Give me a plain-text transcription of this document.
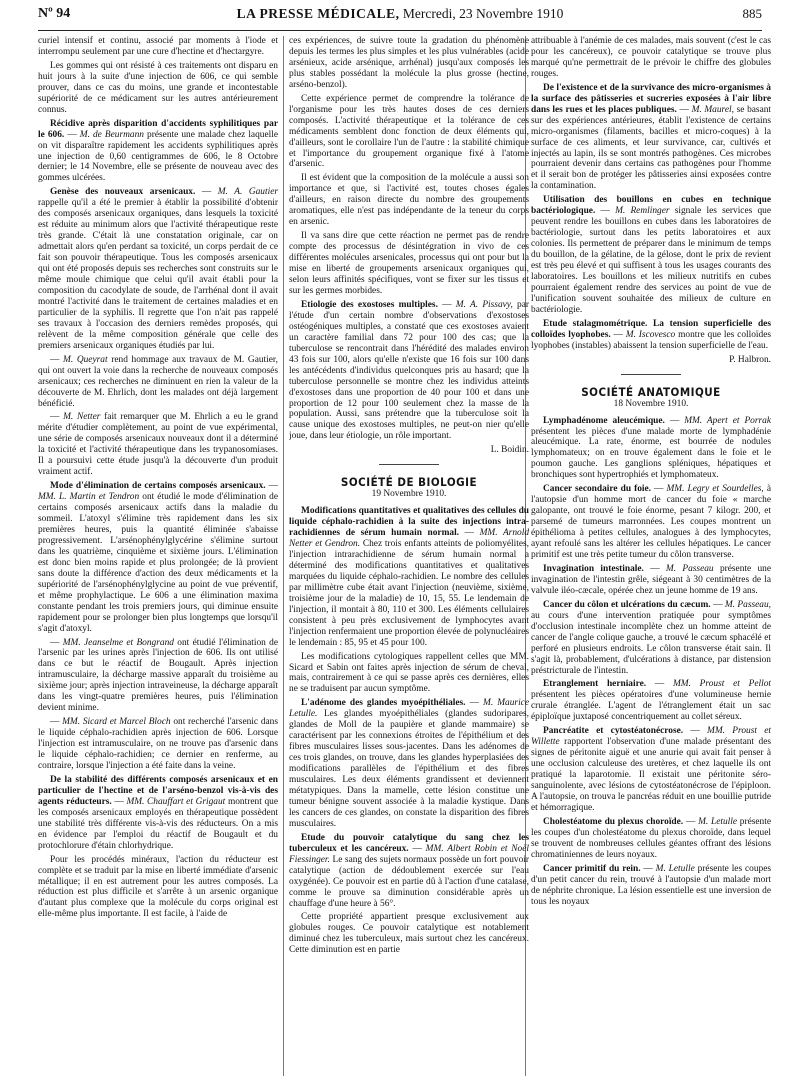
Nº 94	LA PRESSE MÉDICALE, Mercredi, 23 Novembre 1910	885

curiel intensif et continu, associé par moments à l'iode et interrompu seulement par une cure d'hectine et d'hectargyre.

Les gommes qui ont résisté à ces traitements ont disparu en huit jours à la suite d'une injection de 606, ce qui semble prouver, dans ce cas du moins, une grande et incontestable supériorité de ce médicament sur les autres antérieurement connus.

Récidive après disparition d'accidents syphilitiques par le 606. — M. de Beurmann présente une malade chez laquelle on vit disparaître rapidement les accidents syphilitiques après une injection de 0,60 centigrammes de 606, le 8 Octobre dernier; le 14 Novembre, elle se présente de nouveau avec des gommes ulcérées.

Genèse des nouveaux arsenicaux. — M. A. Gautier rappelle qu'il a été le premier à établir la possibilité d'obtenir des composés arsenicaux organiques, dans lesquels la toxicité est réduite au minimum alors que l'activité thérapeutique reste très grande. C'était là une constatation originale, car on admettait alors qu'en perdant sa toxicité, un corps perdait de ce fait son pouvoir thérapeutique. Tous les composés arsenicaux qui ont été proposés depuis ses recherches sont construits sur le même moule chimique que celui qu'il avait établi pour la composition du cacodylate de soude, de l'arrhénal dont il avait montré l'activité dans le traitement de certaines maladies et en particulier de la syphilis. Il regrette que l'on n'ait pas rappelé ses travaux à l'occasion des derniers remèdes proposés, qui relèvent de la même composition générale que celle des premiers arsenicaux organiques étudiés par lui.

— M. Queyrat rend hommage aux travaux de M. Gautier, qui ont ouvert la voie dans la recherche de nouveaux composés arsenicaux; ces recherches ne diminuent en rien la valeur de la découverte de M. Ehrlich, dont les malades ont déjà largement bénéficié.

— M. Netter fait remarquer que M. Ehrlich a eu le grand mérite d'étudier complètement, au point de vue expérimental, une série de composés arsenicaux nouveaux dont il a déterminé la toxicité et l'activité thérapeutique dans les trypanosomiases. Il a poursuivi cette étude jusqu'à la découverte d'un produit vraiment actif.

Mode d'élimination de certains composés arsenicaux. — MM. L. Martin et Tendron ont étudié le mode d'élimination de certains composés arsenicaux actifs dans la maladie du sommeil. L'atoxyl s'élimine très rapidement dans les six premières heures, puis la quantité éliminée s'abaisse progressivement. L'arsénophénylglycérine s'élimine surtout dans les quatrième, cinquième et sixième jours. L'élimination est donc bien moins rapide et plus prolongée; de là provient sans doute la différence d'action des deux médicaments et la supériorité de l'arsénophénylglycine au point de vue préventif, et même prophylactique. Le 606 a une élimination maxima constante pendant les trois premiers jours, qui diminue ensuite rapidement pour se prolonger bien plus longtemps que lorsqu'il s'agit d'atoxyl.

— MM. Jeanselme et Bongrand ont étudié l'élimination de l'arsenic par les urines après l'injection de 606. Ils ont utilisé dans ce but le réactif de Bougault. Après injection intramusculaire, la décharge massive apparaît du troisième au sixième jour; après injection intraveineuse, la décharge apparaît dans les vingt-quatre premières heures, puis l'élimination devient minime.

— MM. Sicard et Marcel Bloch ont recherché l'arsenic dans le liquide céphalo-rachidien après injection de 606. Lorsque l'injection est intramusculaire, on ne trouve pas d'arsenic dans le liquide céphalo-rachidien; ce dernier en renferme, au contraire, lorsque l'injection a été faite dans la veine.

De la stabilité des différents composés arsenicaux et en particulier de l'hectine et de l'arséno-benzol vis-à-vis des agents réducteurs. — MM. Chauffart et Grigaut montrent que les composés arsenicaux employés en thérapeutique possèdent une stabilité très différente vis-à-vis des réducteurs. On a mis en évidence par l'emploi du réactif de Bougault et du protochlorure d'étain chlorhydrique.

Pour les procédés minéraux, l'action du réducteur est complète et se traduit par la mise en liberté immédiate d'arsenic métallique; il en est autrement pour les autres composés. La réduction est plus difficile et s'arrête à un arsenic organique d'autant plus complexe que la molécule du corps original est elle-même plus importante. Il est facile, à l'aide de

ces expériences, de suivre toute la gradation du phénomène depuis les termes les plus simples et les plus vulnérables (acide arsénieux, acide arsénique, arrhénal) jusqu'aux composés les plus stables possédant la molécule la plus grosse (hectine, arséno-benzol).

Cette expérience permet de comprendre la tolérance de l'organisme pour les très hautes doses de ces derniers composés. L'activité thérapeutique et la tolérance de ces médicaments semblent donc fonction de deux éléments qui, d'ailleurs, sont le corollaire l'un de l'autre : la stabilité chimique et l'importance du groupement organique fixé à l'atome d'arsenic.

Il est évident que la composition de la molécule a aussi son importance et que, si l'activité est, toutes choses égales d'ailleurs, en raison directe du nombre des groupements aromatiques, elle n'est pas indépendante de la teneur du corps en arsenic.

Il va sans dire que cette réaction ne permet pas de rendre compte des processus de désintégration in vivo de ces différentes molécules arsenicales, processus qui ont pour but la mise en liberté de groupements arsenicaux organiques qui, selon leurs affinités spécifiques, vont se fixer sur les tissus et sur les germes morbides.

Etiologie des exostoses multiples. — M. A. Pissavy, par l'étude d'un certain nombre d'observations d'exostoses ostéogéniques multiples, a constaté que ces exostoses avaient un caractère familial dans 72 pour 100 des cas; que la tuberculose se rencontrait dans l'hérédité des malades environ 43 fois sur 100, alors qu'elle n'existe que 16 fois sur 100 dans les antécédents d'individus quelconques pris au hasard; que la tuberculose personnelle se montre chez les individus atteints d'exostoses dans une proportion de 40 pour 100 et dans une proportion de 12 pour 100 seulement chez la masse de la population. Aussi, sans prétendre que la tuberculose soit la cause unique des exostoses multiples, ne peut-on nier qu'elle joue, dans leur étiologie, un rôle important.

L. Boidin.

SOCIÉTÉ DE BIOLOGIE

19 Novembre 1910.

Modifications quantitatives et qualitatives des cellules du liquide céphalo-rachidien à la suite des injections intra-rachidiennes de sérum humain normal. — MM. Arnold Netter et Gendron. Chez trois enfants atteints de poliomyélites, l'injection intrarachidienne de sérum humain normal a déterminé des modifications quantitatives et qualitatives marquées du liquide céphalo-rachidien. Le nombre des cellules par millimètre cube était avant l'injection (neuvième, sixième, troisième jour de la maladie) de 10, 15, 55. Le lendemain de l'injection, il montait à 80, 110 et 300. Les éléments cellulaires consistent à peu près exclusivement de lymphocytes avant l'injection renfermaient une proportion élevée de polynucléaires le lendemain : 85, 95 et 45 pour 100.

Les modifications cytologiques rappellent celles que MM. Sicard et Sabin ont faites après injection de sérum de cheval, mais, contrairement à ce qui se passe après ces dernières, elles ne se traduisent par aucun symptôme.

L'adénome des glandes myoépithéliales. — M. Maurice Letulle. Les glandes myoépithéliales (glandes sudoripares, glandes de Moll de la paupière et glande mammaire) se caractérisent par les connexions étroites de l'épithélium et des fibres musculaires lisses sous-jacentes. Dans les adénomes de ces trois glandes, on trouve, dans les glandes hyperplasiées des modifications parallèles de l'épithélium et des fibres musculaires. Les deux éléments grandissent et deviennent métatypiques. Dans la mamelle, cette lésion constitue une tumeur bénigne souvent associée à la maladie kystique. Dans les cancers de ces glandes, on constate la disparition des fibres musculaires.

Etude du pouvoir catalytique du sang chez les tuberculeux et les cancéreux. — MM. Albert Robin et Noël Fiessinger. Le sang des sujets normaux possède un fort pouvoir catalytique (action de dédoublement exercée sur l'eau oxygénée). Ce pouvoir est en partie dû à l'action d'une catalase, comme le prouve sa diminution considérable après un chauffage d'une heure à 56°.

Cette propriété appartient presque exclusivement aux globules rouges. Ce pouvoir catalytique est notablement diminué chez les tuberculeux, mais surtout chez les cancéreux. Cette diminution est en partie

attribuable à l'anémie de ces malades, mais souvent (c'est le cas pour les cancéreux), ce pouvoir catalytique se trouve plus marqué qu'ne permettrait de le prévoir le chiffre des globules rouges.

De l'existence et de la survivance des micro-organismes à la surface des pâtisseries et sucreries exposées à l'air libre dans les rues et les places publiques. — M. Maurel, se basant sur des expériences antérieures, établit l'existence de certains micro-organismes (filaments, bacilles et micro-coques) à la surface de ces aliments, et leur survivance, car, cultivés et injectés au lapin, ils se sont montrés pathogènes. Ces microbes pourraient devenir dans certains cas pathogènes pour l'homme et il serait bon de protéger les pâtisseries ainsi exposées contre la contamination.

Utilisation des bouillons en cubes en technique bactériologique. — M. Remlinger signale les services que peuvent rendre les bouillons en cubes dans les laboratoires de bactériologie, surtout dans les petits laboratoires et aux colonies. Ils permettent de préparer dans le minimum de temps du bouillon, de la gélatine, de la gélose, dont le prix de revient est très peu élevé et qui suffisent à tous les usages courants des laboratoires. Les bouillons et les milieux nutritifs en cubes pourraient également rendre des services au point de vue de l'unification souvent souhaitée des milieux de culture en bactériologie.

Etude stalagmométrique. La tension superficielle des colloïdes lyophobes. — M. Iscovesco montre que les colloïdes lyophobes (instables) abaissent la tension superficielle de l'eau.

P. Halbron.

SOCIÉTÉ ANATOMIQUE

18 Novembre 1910.

Lymphadénome aleucémique. — MM. Apert et Porrak présentent les pièces d'une malade morte de lymphadénie aleucémique. La rate, énorme, est bourrée de nodules lymphomateux; on en trouve également dans le foie et le poumon gauche. Les ganglions spléniques, hépatiques et bronchiques sont hypertrophiés et lymphomateux.

Cancer secondaire du foie. — MM. Legry et Sourdelles, à l'autopsie d'un homme mort de cancer du foie « marche galopante, ont trouvé le foie énorme, pesant 7 kilogr. 200, et parsemé de tumeurs marronnées. Les coupes montrent un épithélioma à petites cellules, analogues à des lymphocytes, ayant refoulé sans les altérer les cellules hépatiques. Le cancer primitif est une très petite tumeur du côlon transverse.

Invagination intestinale. — M. Passeau présente une invagination de l'intestin grêle, siégeant à 30 centimètres de la valvule iléo-cæcale, opérée chez un jeune homme de 19 ans.

Cancer du côlon et ulcérations du cæcum. — M. Passeau, au cours d'une intervention pratiquée pour symptômes d'occlusion intestinale incomplète chez un homme atteint de cancer de l'angle colique gauche, a trouvé le cæcum sphacélé et perforé en plusieurs endroits. Le côlon transverse était sain. Il s'agit là, probablement, d'ulcérations à distance, par distension préstricturale de l'intestin.

Etranglement herniaire. — MM. Proust et Pellot présentent les pièces opératoires d'une volumineuse hernie crurale étranglée. L'agent de l'étranglement était un sac épiploïque juxtaposé concentriquement au collet séreux.

Pancréatite et cytostéatonécrose. — MM. Proust et Willette rapportent l'observation d'une malade présentant des signes de péritonite aiguë et une anurie qui avait fait penser à une occlusion calculeuse des uretères, et chez laquelle ils ont pratiqué la laparotomie. Il existait une péritonite séro-sanguinolente, avec lésions de cytostéatonécrose de l'épiploon. A l'autopsie, on trouva le pancréas réduit en une bouillie putride et hémorragique.

Cholestéatome du plexus choroïde. — M. Letulle présente les coupes d'un cholestéatome du plexus choroïde, dans lequel se trouvent de nombreuses cellules géantes offrant des lésions chromatiniennes de leurs noyaux.

Cancer primitif du rein. — M. Letulle présente les coupes d'un petit cancer du rein, trouvé à l'autopsie d'un malade mort de néphrite chronique. La lésion essentielle est une inversion de tous les noyaux
